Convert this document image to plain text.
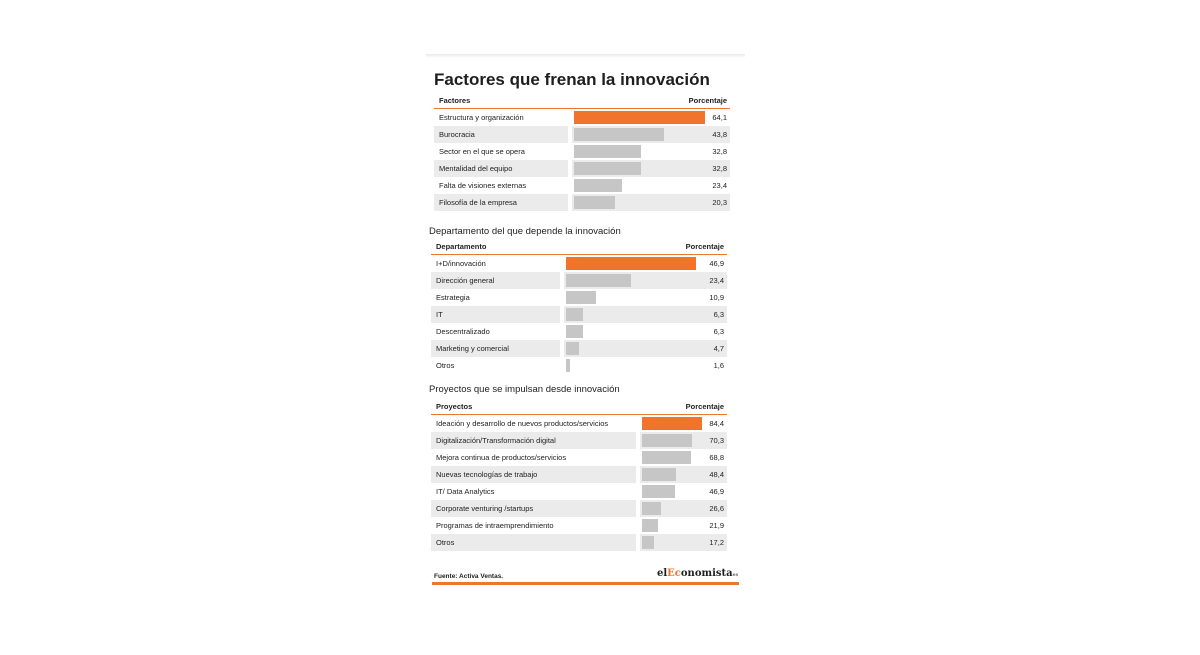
Factores que frenan la innovación
Factores	Porcentaje
Estructura y organización	64,1
Burocracia	43,8
Sector en el que se opera	32,8
Mentalidad del equipo	32,8
Falta de visiones externas	23,4
Filosofía de la empresa	20,3
Departamento del que depende la innovación
Departamento	Porcentaje
I+D/innovación	46,9
Dirección general	23,4
Estrategia	10,9
IT	6,3
Descentralizado	6,3
Marketing y comercial	4,7
Otros	1,6
Proyectos que se impulsan desde innovación
Proyectos	Porcentaje
Ideación y desarrollo de nuevos productos/servicios	84,4
Digitalización/Transformación digital	70,3
Mejora continua de productos/servicios	68,8
Nuevas tecnologías de trabajo	48,4
IT/ Data Analytics	46,9
Corporate venturing /startups	26,6
Programas de intraemprendimiento	21,9
Otros	17,2
Fuente: Activa Ventas.	elEconomistaes
